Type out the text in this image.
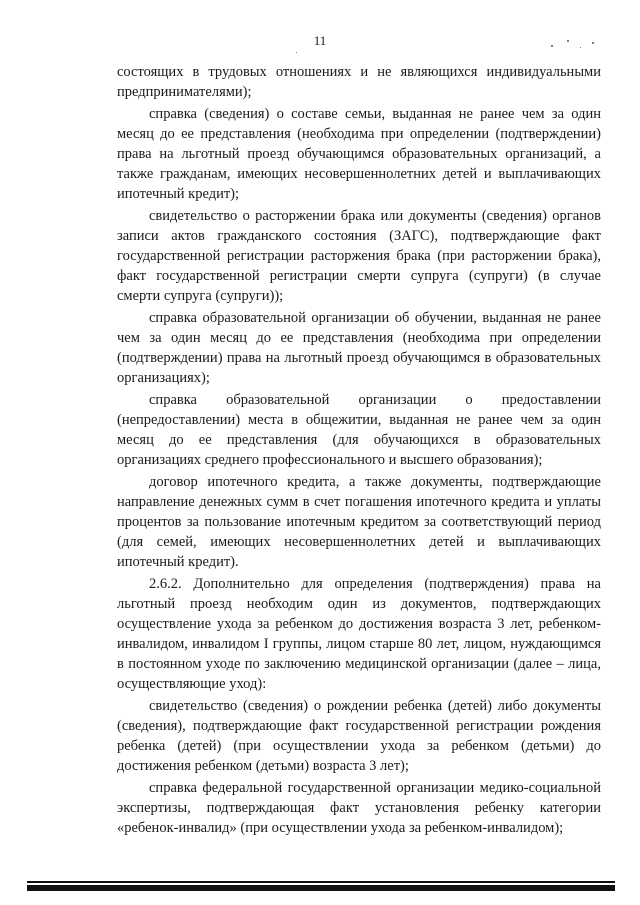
11

состоящих в трудовых отношениях и не являющихся индивидуальными предпринимателями);

справка (сведения) о составе семьи, выданная не ранее чем за один месяц до ее представления (необходима при определении (подтверждении) права на льготный проезд обучающимся образовательных организаций, а также гражданам, имеющих несовершеннолетних детей и выплачивающих ипотечный кредит);

свидетельство о расторжении брака или документы (сведения) органов записи актов гражданского состояния (ЗАГС), подтверждающие факт государственной регистрации расторжения брака (при расторжении брака), факт государственной регистрации смерти супруга (супруги) (в случае смерти супруга (супруги));

справка образовательной организации об обучении, выданная не ранее чем за один месяц до ее представления (необходима при определении (подтверждении) права на льготный проезд обучающимся в образовательных организациях);

справка образовательной организации о предоставлении (непредоставлении) места в общежитии, выданная не ранее чем за один месяц до ее представления (для обучающихся в образовательных организациях среднего профессионального и высшего образования);

договор ипотечного кредита, а также документы, подтверждающие направление денежных сумм в счет погашения ипотечного кредита и уплаты процентов за пользование ипотечным кредитом за соответствующий период (для семей, имеющих несовершеннолетних детей и выплачивающих ипотечный кредит).

2.6.2. Дополнительно для определения (подтверждения) права на льготный проезд необходим один из документов, подтверждающих осуществление ухода за ребенком до достижения возраста 3 лет, ребенком-инвалидом, инвалидом I группы, лицом старше 80 лет, лицом, нуждающимся в постоянном уходе по заключению медицинской организации (далее – лица, осуществляющие уход):

свидетельство (сведения) о рождении ребенка (детей) либо документы (сведения), подтверждающие факт государственной регистрации рождения ребенка (детей) (при осуществлении ухода за ребенком (детьми) до достижения ребенком (детьми) возраста 3 лет);

справка федеральной государственной организации медико-социальной экспертизы, подтверждающая факт установления ребенку категории «ребенок-инвалид» (при осуществлении ухода за ребенком-инвалидом);
